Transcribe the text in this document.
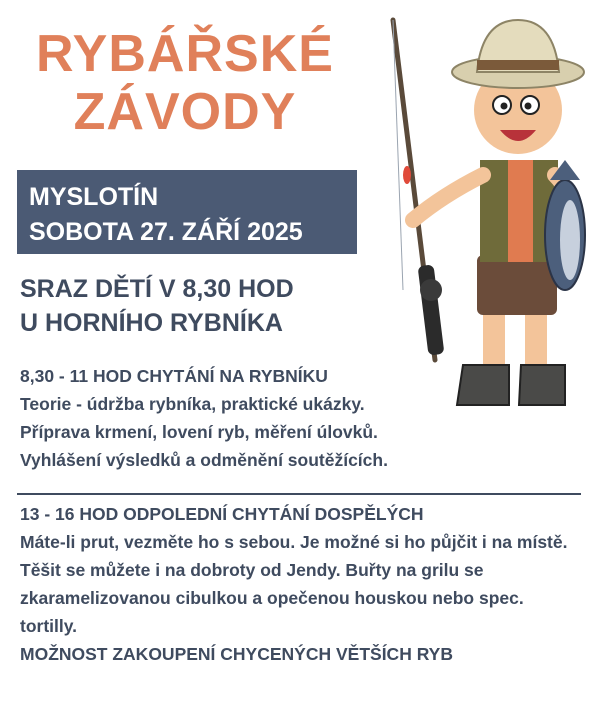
RYBÁŘSKÉ
ZÁVODY
MYSLOTÍN
SOBOTA 27. ZÁŘÍ 2025
SRAZ DĚTÍ V 8,30 HOD
U HORNÍHO RYBNÍKA
8,30 - 11 HOD CHYTÁNÍ NA RYBNÍKU
Teorie - údržba rybníka, praktické ukázky.
Příprava krmení, lovení ryb, měření úlovků.
Vyhlášení výsledků a odměnění soutěžících.
13 - 16 HOD ODPOLEDNÍ CHYTÁNÍ DOSPĚLÝCH
Máte-li prut, vezměte ho s sebou. Je možné si ho půjčit i na místě.
Těšit se můžete i na dobroty od Jendy. Buřty na grilu se zkaramelizovanou cibulkou a opečenou houskou nebo spec. tortilly.
MOŽNOST ZAKOUPENÍ CHYCENÝCH VĚTŠÍCH RYB
